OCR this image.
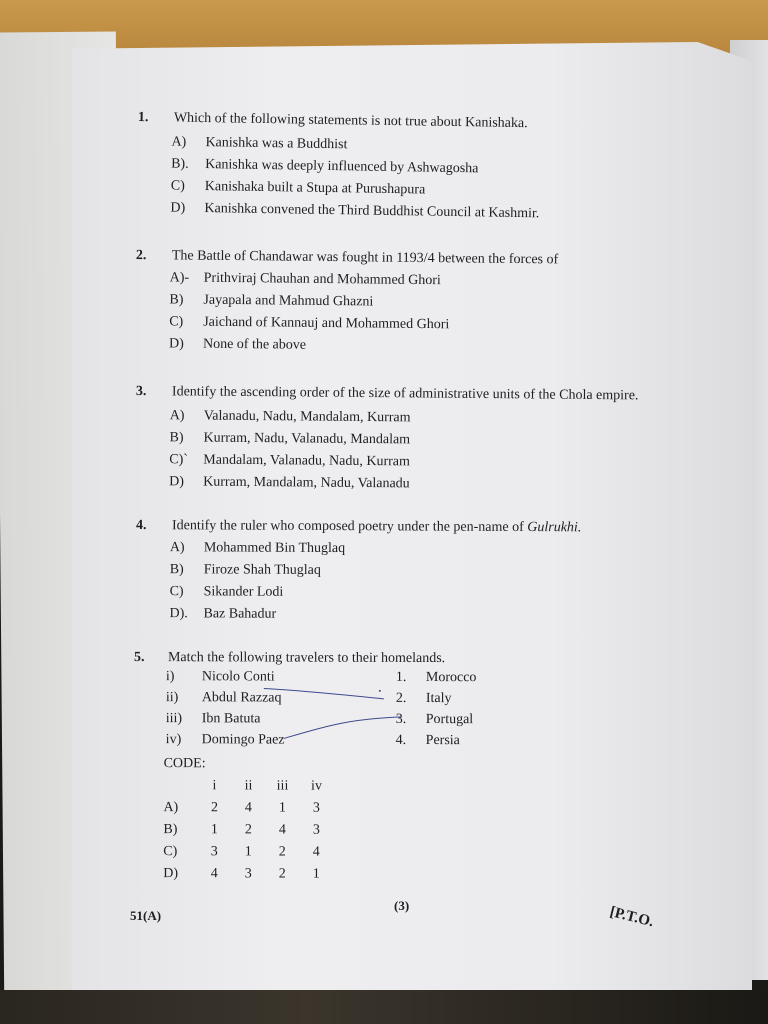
1. Which of the following statements is not true about Kanishaka.
A) Kanishka was a Buddhist
B). Kanishka was deeply influenced by Ashwagosha
C) Kanishaka built a Stupa at Purushapura
D) Kanishka convened the Third Buddhist Council at Kashmir.
2. The Battle of Chandawar was fought in 1193/4 between the forces of
A)- Prithviraj Chauhan and Mohammed Ghori
B) Jayapala and Mahmud Ghazni
C) Jaichand of Kannauj and Mohammed Ghori
D) None of the above
3. Identify the ascending order of the size of administrative units of the Chola empire.
A) Valanadu, Nadu, Mandalam, Kurram
B) Kurram, Nadu, Valanadu, Mandalam
C)` Mandalam, Valanadu, Nadu, Kurram
D) Kurram, Mandalam, Nadu, Valanadu
4. Identify the ruler who composed poetry under the pen-name of Gulrukhi.
A) Mohammed Bin Thuglaq
B) Firoze Shah Thuglaq
C) Sikander Lodi
D). Baz Bahadur
5. Match the following travelers to their homelands.
i) Nicolo Conti
ii) Abdul Razzaq
iii) Ibn Batuta
iv) Domingo Paez
1. Morocco
2. Italy
3. Portugal
4. Persia
CODE:
i ii iii iv
A) 2 4 1 3
B) 1 2 4 3
C) 3 1 2 4
D) 4 3 2 1
51(A)
(3)	[P.T.O.
